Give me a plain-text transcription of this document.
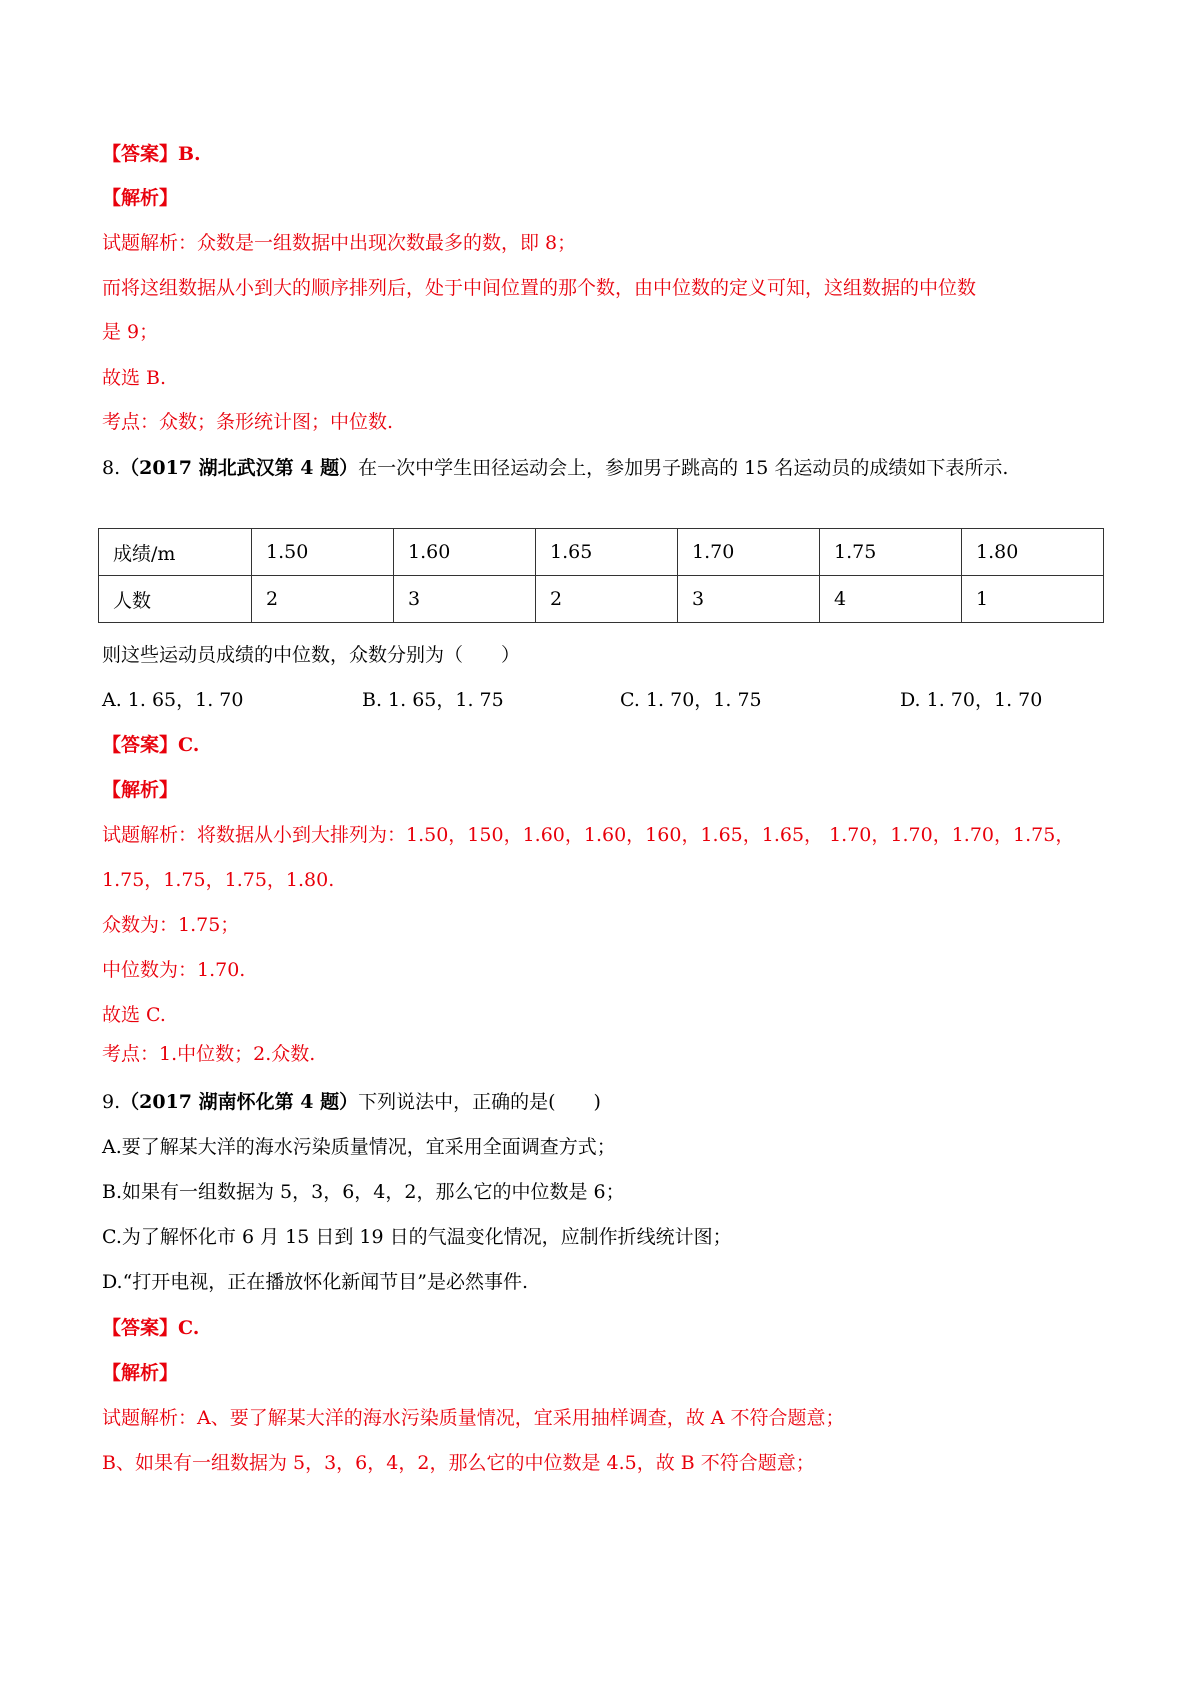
【答案】B.
【解析】
试题解析：众数是一组数据中出现次数最多的数，即 8；
而将这组数据从小到大的顺序排列后，处于中间位置的那个数，由中位数的定义可知，这组数据的中位数
是 9；
故选 B.
考点：众数；条形统计图；中位数.
8.（2017 湖北武汉第 4 题）在一次中学生田径运动会上，参加男子跳高的 15 名运动员的成绩如下表所示.
成绩/m	1.50	1.60	1.65	1.70	1.75	1.80
人数	2	3	2	3	4	1
则这些运动员成绩的中位数，众数分别为（　　）
A. 1. 65，1. 70	B. 1. 65，1. 75	C. 1. 70，1. 75	D. 1. 70，1. 70
【答案】C.
【解析】
试题解析：将数据从小到大排列为：1.50，150，1.60，1.60，160，1.65，1.65， 1.70，1.70，1.70，1.75，
1.75，1.75，1.75，1.80.
众数为：1.75；
中位数为：1.70.
故选 C.
考点：1.中位数；2.众数.
9.（2017 湖南怀化第 4 题）下列说法中，正确的是(　　)
A.要了解某大洋的海水污染质量情况，宜采用全面调查方式；
B.如果有一组数据为 5，3，6，4，2，那么它的中位数是 6；
C.为了解怀化市 6 月 15 日到 19 日的气温变化情况，应制作折线统计图；
D.“打开电视，正在播放怀化新闻节目”是必然事件.
【答案】C.
【解析】
试题解析：A、要了解某大洋的海水污染质量情况，宜采用抽样调查，故 A 不符合题意；
B、如果有一组数据为 5，3，6，4，2，那么它的中位数是 4.5，故 B 不符合题意；
